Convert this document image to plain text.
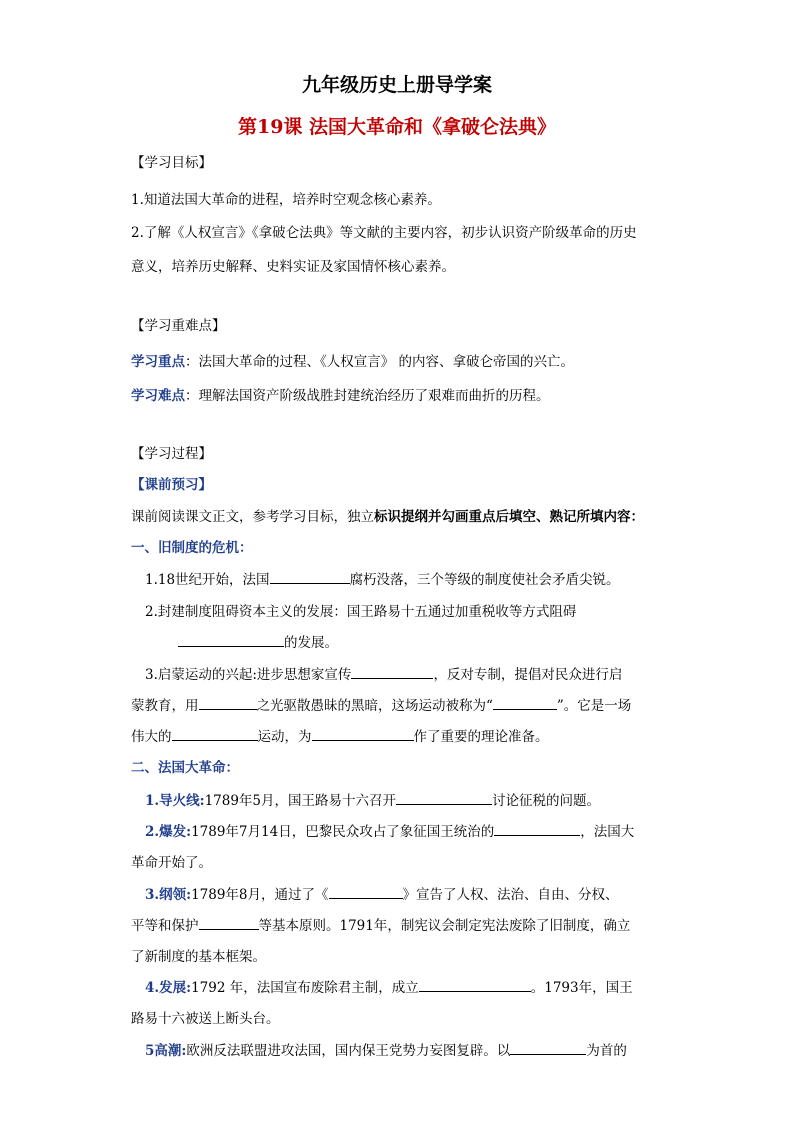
九年级历史上册导学案
第19课 法国大革命和《拿破仑法典》
【学习目标】
1.知道法国大革命的进程，培养时空观念核心素养。
2.了解《人权宣言》《拿破仑法典》等文献的主要内容，初步认识资产阶级革命的历史
意义，培养历史解释、史料实证及家国情怀核心素养。
【学习重难点】
学习重点：法国大革命的过程、《人权宣言》 的内容、拿破仑帝国的兴亡。
学习难点：理解法国资产阶级战胜封建统治经历了艰难而曲折的历程。
【学习过程】
【课前预习】
课前阅读课文正文，参考学习目标，独立标识提纲并勾画重点后填空、熟记所填内容：
一、旧制度的危机：
1.18世纪开始，法国	腐朽没落，三个等级的制度使社会矛盾尖锐。
2.封建制度阻碍资本主义的发展：国王路易十五通过加重税收等方式阻碍
的发展。
3.启蒙运动的兴起:进步思想家宣传	，反对专制，提倡对民众进行启
蒙教育，用	之光驱散愚昧的黑暗，这场运动被称为“	”。它是一场
伟大的	运动，为	作了重要的理论准备。
二、法国大革命：
1.导火线:1789年5月，国王路易十六召开	讨论征税的问题。
2.爆发:1789年7月14日，巴黎民众攻占了象征国王统治的	，法国大
革命开始了。
3.纲领:1789年8月，通过了《	》宣告了人权、法治、自由、分权、
平等和保护	等基本原则。1791年，制宪议会制定宪法废除了旧制度，确立
了新制度的基本框架。
4.发展:1792 年，法国宣布废除君主制，成立	。1793年，国王
路易十六被送上断头台。
5高潮:欧洲反法联盟进攻法国，国内保王党势力妄图复辟。以	为首的
